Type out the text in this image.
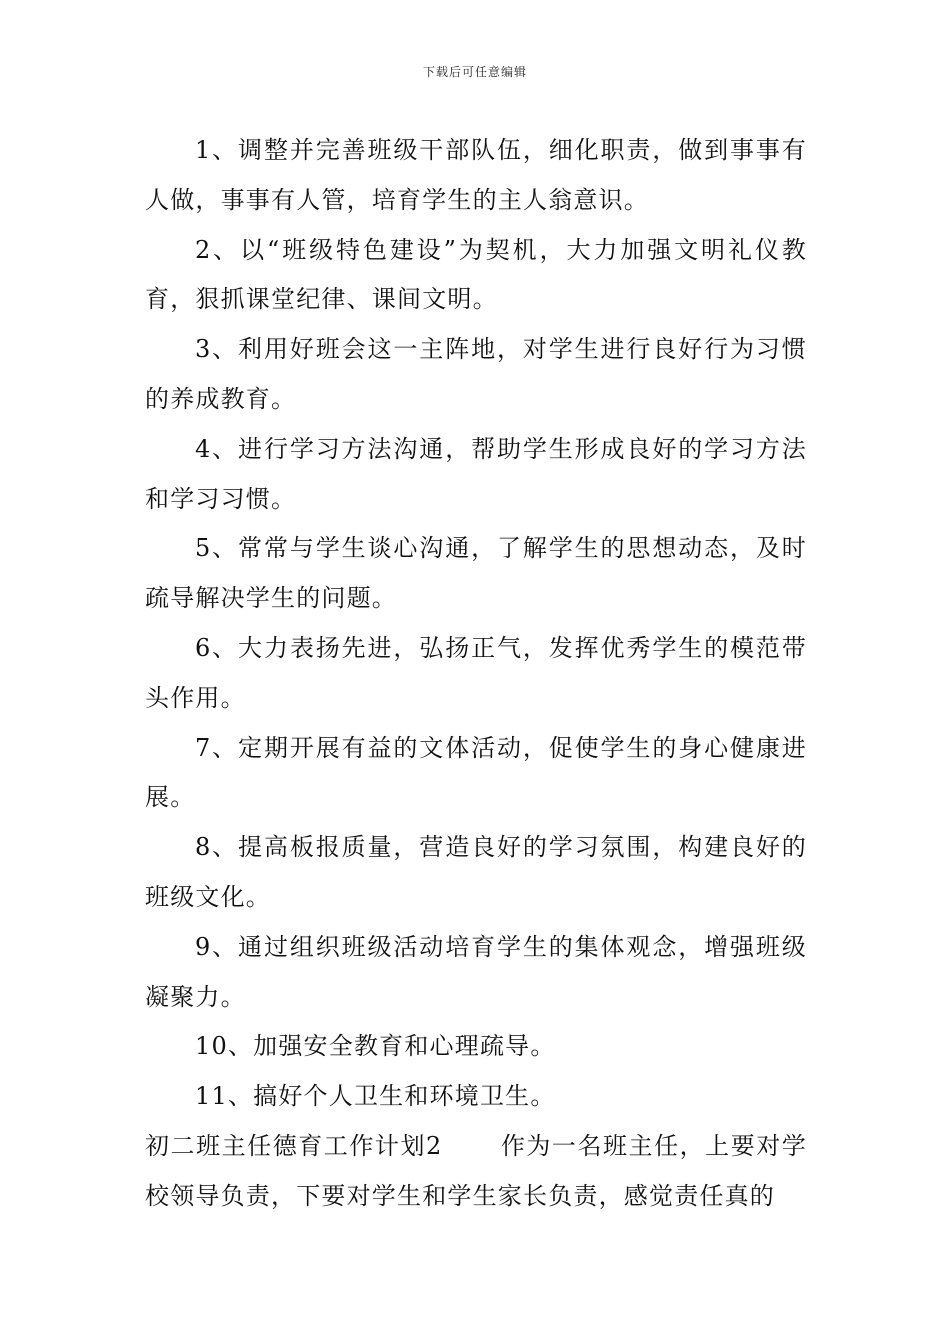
下载后可任意编辑

1、调整并完善班级干部队伍，细化职责，做到事事有人做，事事有人管，培育学生的主人翁意识。

2、以“班级特色建设”为契机，大力加强文明礼仪教育，狠抓课堂纪律、课间文明。

3、利用好班会这一主阵地，对学生进行良好行为习惯的养成教育。

4、进行学习方法沟通，帮助学生形成良好的学习方法和学习习惯。

5、常常与学生谈心沟通，了解学生的思想动态，及时疏导解决学生的问题。

6、大力表扬先进，弘扬正气，发挥优秀学生的模范带头作用。

7、定期开展有益的文体活动，促使学生的身心健康进展。

8、提高板报质量，营造良好的学习氛围，构建良好的班级文化。

9、通过组织班级活动培育学生的集体观念，增强班级凝聚力。

10、加强安全教育和心理疏导。

11、搞好个人卫生和环境卫生。

初二班主任德育工作计划2 作为一名班主任，上要对学校领导负责，下要对学生和学生家长负责，感觉责任真的
